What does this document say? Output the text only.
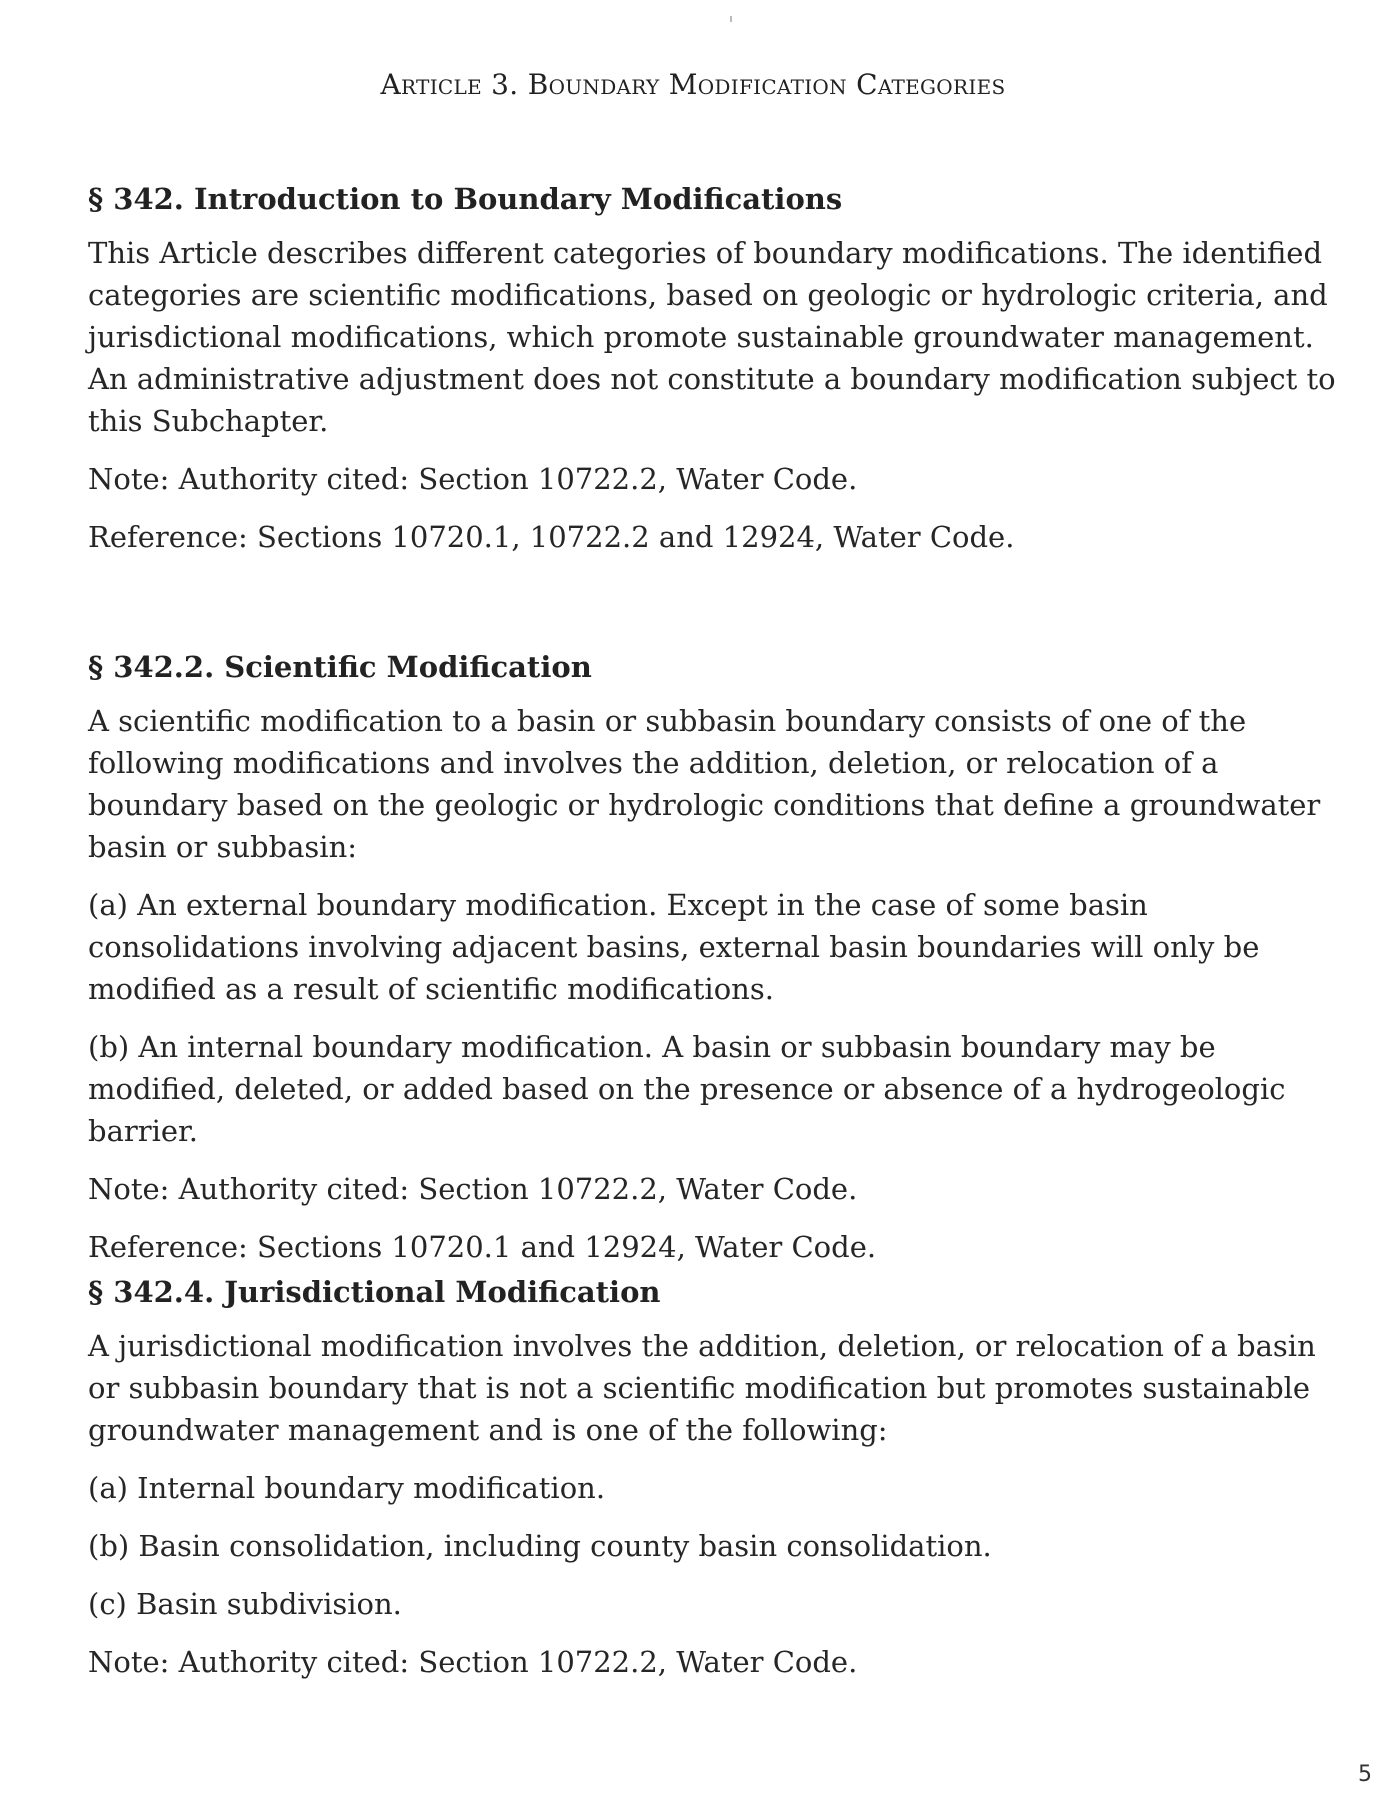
Article 3. Boundary Modification Categories
§ 342. Introduction to Boundary Modifications
This Article describes different categories of boundary modifications. The identified categories are scientific modifications, based on geologic or hydrologic criteria, and jurisdictional modifications, which promote sustainable groundwater management. An administrative adjustment does not constitute a boundary modification subject to this Subchapter.
Note: Authority cited: Section 10722.2, Water Code.
Reference: Sections 10720.1, 10722.2 and 12924, Water Code.
§ 342.2. Scientific Modification
A scientific modification to a basin or subbasin boundary consists of one of the following modifications and involves the addition, deletion, or relocation of a boundary based on the geologic or hydrologic conditions that define a groundwater basin or subbasin:
(a) An external boundary modification. Except in the case of some basin consolidations involving adjacent basins, external basin boundaries will only be modified as a result of scientific modifications.
(b) An internal boundary modification. A basin or subbasin boundary may be modified, deleted, or added based on the presence or absence of a hydrogeologic barrier.
Note: Authority cited: Section 10722.2, Water Code.
Reference: Sections 10720.1 and 12924, Water Code.
§ 342.4. Jurisdictional Modification
A jurisdictional modification involves the addition, deletion, or relocation of a basin or subbasin boundary that is not a scientific modification but promotes sustainable groundwater management and is one of the following:
(a) Internal boundary modification.
(b) Basin consolidation, including county basin consolidation.
(c) Basin subdivision.
Note: Authority cited: Section 10722.2, Water Code.
5
